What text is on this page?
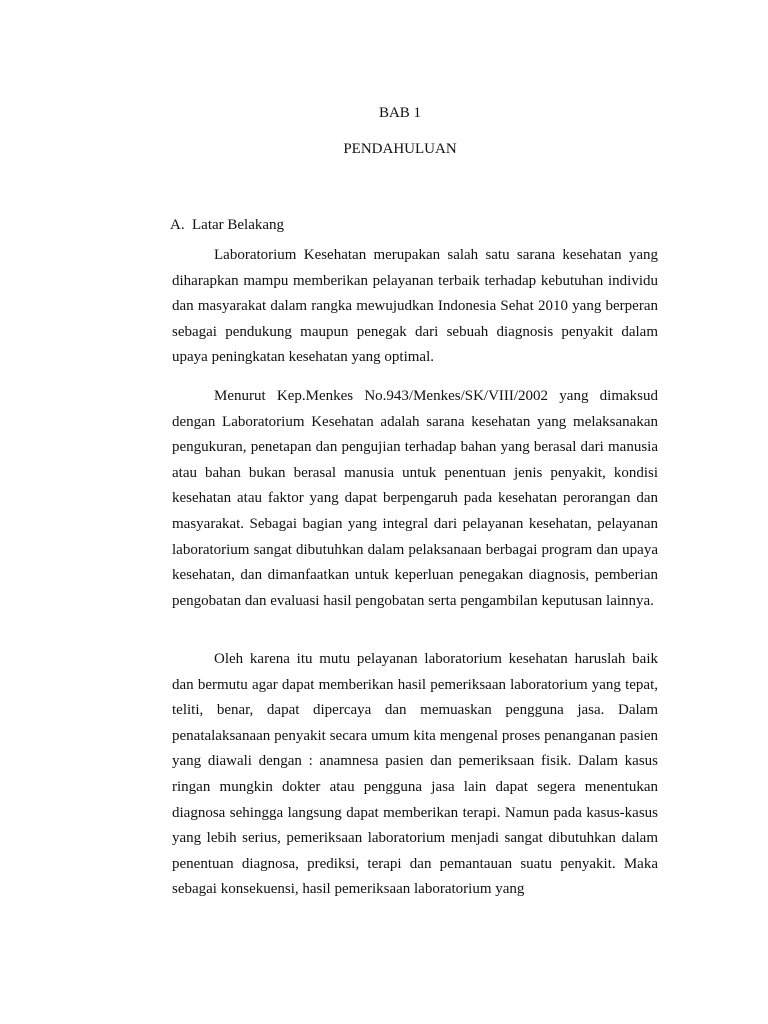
BAB 1

PENDAHULUAN

A. Latar Belakang

Laboratorium Kesehatan merupakan salah satu sarana kesehatan yang diharapkan mampu memberikan pelayanan terbaik terhadap kebutuhan individu dan masyarakat dalam rangka mewujudkan Indonesia Sehat 2010 yang berperan sebagai pendukung maupun penegak dari sebuah diagnosis penyakit dalam upaya peningkatan kesehatan yang optimal.

Menurut Kep.Menkes No.943/Menkes/SK/VIII/2002 yang dimaksud dengan Laboratorium Kesehatan adalah sarana kesehatan yang melaksanakan pengukuran, penetapan dan pengujian terhadap bahan yang berasal dari manusia atau bahan bukan berasal manusia untuk penentuan jenis penyakit, kondisi kesehatan atau faktor yang dapat berpengaruh pada kesehatan perorangan dan masyarakat. Sebagai bagian yang integral dari pelayanan kesehatan, pelayanan laboratorium sangat dibutuhkan dalam pelaksanaan berbagai program dan upaya kesehatan, dan dimanfaatkan untuk keperluan penegakan diagnosis, pemberian pengobatan dan evaluasi hasil pengobatan serta pengambilan keputusan lainnya.

Oleh karena itu mutu pelayanan laboratorium kesehatan haruslah baik dan bermutu agar dapat memberikan hasil pemeriksaan laboratorium yang tepat, teliti, benar, dapat dipercaya dan memuaskan pengguna jasa. Dalam penatalaksanaan penyakit secara umum kita mengenal proses penanganan pasien yang diawali dengan : anamnesa pasien dan pemeriksaan fisik. Dalam kasus ringan mungkin dokter atau pengguna jasa lain dapat segera menentukan diagnosa sehingga langsung dapat memberikan terapi. Namun pada kasus-kasus yang lebih serius, pemeriksaan laboratorium menjadi sangat dibutuhkan dalam penentuan diagnosa, prediksi, terapi dan pemantauan suatu penyakit. Maka sebagai konsekuensi, hasil pemeriksaan laboratorium yang
